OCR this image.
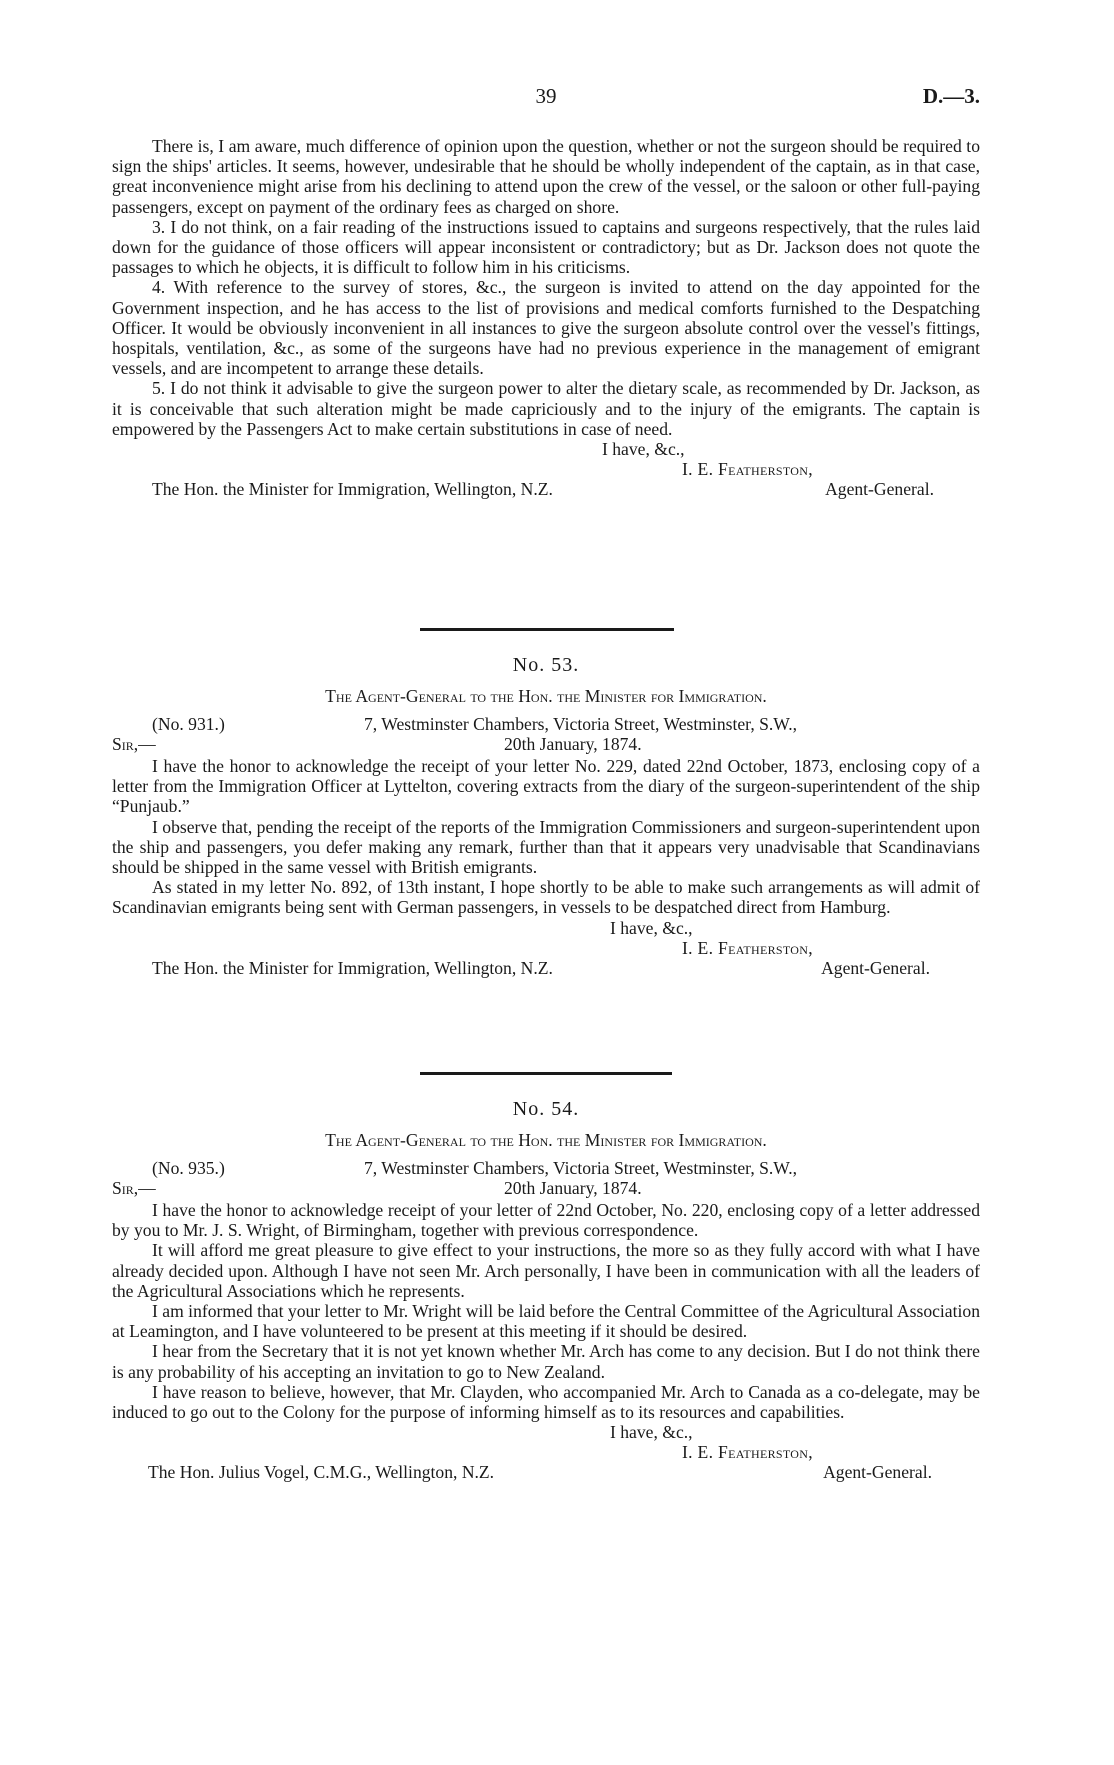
39	D.—3.

There is, I am aware, much difference of opinion upon the question, whether or not the surgeon should be required to sign the ships' articles. It seems, however, undesirable that he should be wholly independent of the captain, as in that case, great inconvenience might arise from his declining to attend upon the crew of the vessel, or the saloon or other full-paying passengers, except on payment of the ordinary fees as charged on shore.

3. I do not think, on a fair reading of the instructions issued to captains and surgeons respectively, that the rules laid down for the guidance of those officers will appear inconsistent or contradictory; but as Dr. Jackson does not quote the passages to which he objects, it is difficult to follow him in his criticisms.

4. With reference to the survey of stores, &c., the surgeon is invited to attend on the day appointed for the Government inspection, and he has access to the list of provisions and medical comforts furnished to the Despatching Officer. It would be obviously inconvenient in all instances to give the surgeon absolute control over the vessel's fittings, hospitals, ventilation, &c., as some of the surgeons have had no previous experience in the management of emigrant vessels, and are incompetent to arrange these details.

5. I do not think it advisable to give the surgeon power to alter the dietary scale, as recommended by Dr. Jackson, as it is conceivable that such alteration might be made capriciously and to the injury of the emigrants. The captain is empowered by the Passengers Act to make certain substitutions in case of need.

I have, &c.,
I. E. Featherston,
The Hon. the Minister for Immigration, Wellington, N.Z.	Agent-General.
No. 53.
The Agent-General to the Hon. the Minister for Immigration.
(No. 931.)	7, Westminster Chambers, Victoria Street, Westminster, S.W.,
Sir,—	20th January, 1874.

I have the honor to acknowledge the receipt of your letter No. 229, dated 22nd October, 1873, enclosing copy of a letter from the Immigration Officer at Lyttelton, covering extracts from the diary of the surgeon-superintendent of the ship “Punjaub.”

I observe that, pending the receipt of the reports of the Immigration Commissioners and surgeon-superintendent upon the ship and passengers, you defer making any remark, further than that it appears very unadvisable that Scandinavians should be shipped in the same vessel with British emigrants.

As stated in my letter No. 892, of 13th instant, I hope shortly to be able to make such arrangements as will admit of Scandinavian emigrants being sent with German passengers, in vessels to be despatched direct from Hamburg.

I have, &c.,
I. E. Featherston,
The Hon. the Minister for Immigration, Wellington, N.Z.	Agent-General.
No. 54.
The Agent-General to the Hon. the Minister for Immigration.
(No. 935.)	7, Westminster Chambers, Victoria Street, Westminster, S.W.,
Sir,—	20th January, 1874.

I have the honor to acknowledge receipt of your letter of 22nd October, No. 220, enclosing copy of a letter addressed by you to Mr. J. S. Wright, of Birmingham, together with previous correspondence.

It will afford me great pleasure to give effect to your instructions, the more so as they fully accord with what I have already decided upon. Although I have not seen Mr. Arch personally, I have been in communication with all the leaders of the Agricultural Associations which he represents.

I am informed that your letter to Mr. Wright will be laid before the Central Committee of the Agricultural Association at Leamington, and I have volunteered to be present at this meeting if it should be desired.

I hear from the Secretary that it is not yet known whether Mr. Arch has come to any decision. But I do not think there is any probability of his accepting an invitation to go to New Zealand.

I have reason to believe, however, that Mr. Clayden, who accompanied Mr. Arch to Canada as a co-delegate, may be induced to go out to the Colony for the purpose of informing himself as to its resources and capabilities.

I have, &c.,
I. E. Featherston,
The Hon. Julius Vogel, C.M.G., Wellington, N.Z.	Agent-General.
